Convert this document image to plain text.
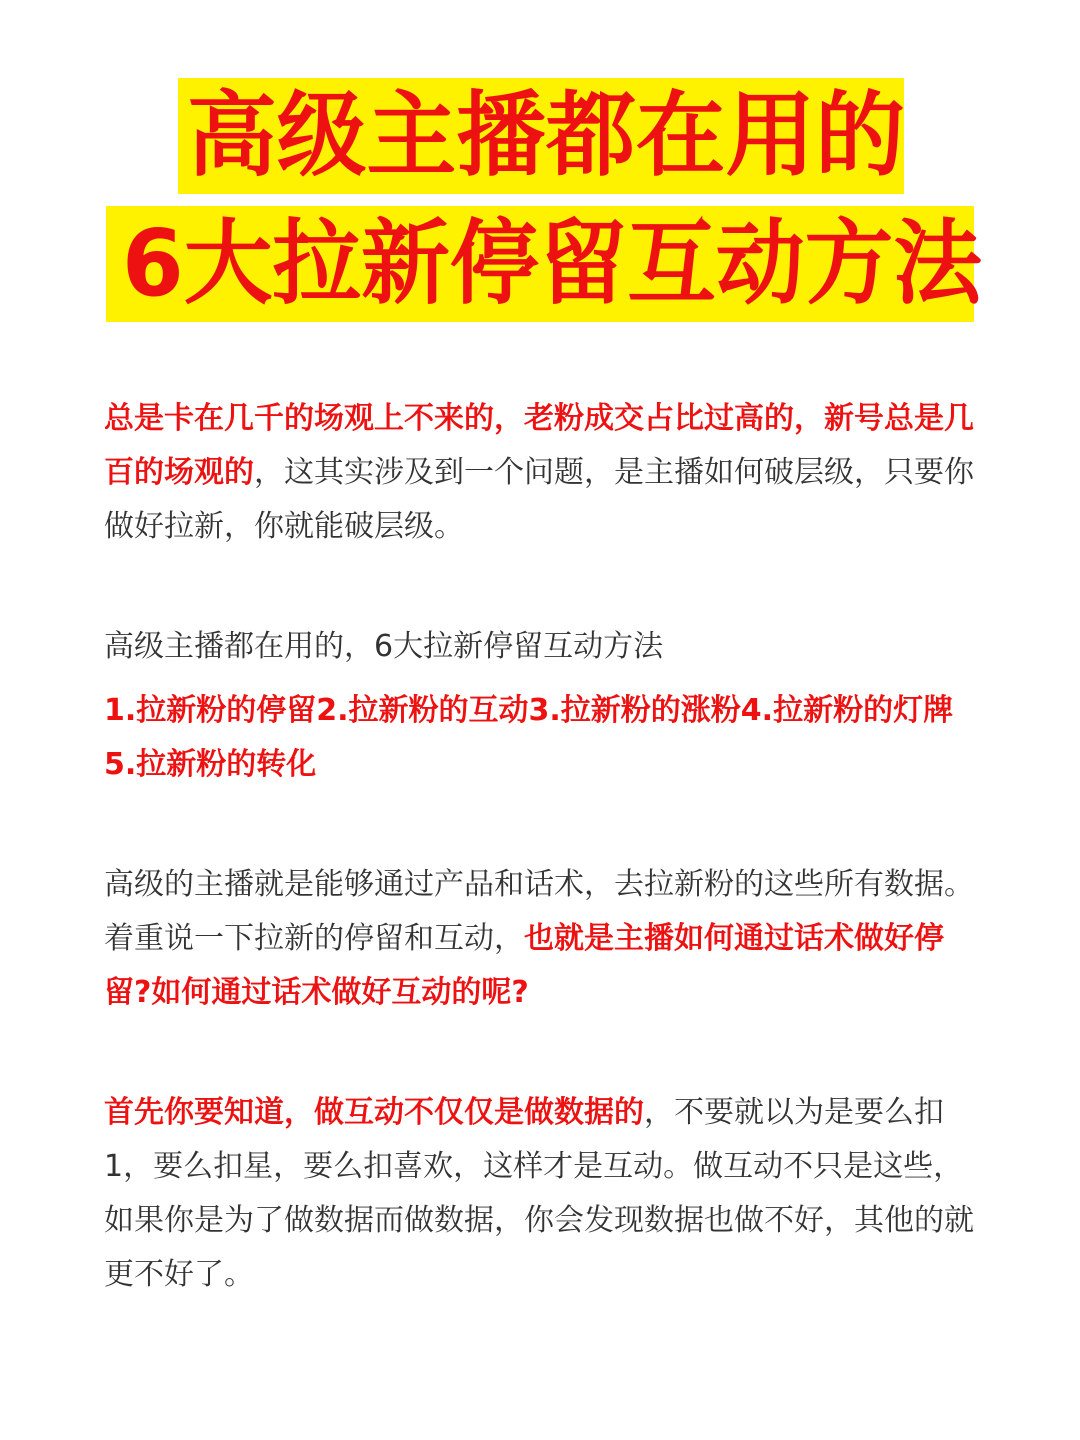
高级主播都在用的
6大拉新停留互动方法
总是卡在几千的场观上不来的，老粉成交占比过高的，新号总是几百的场观的，这其实涉及到一个问题，是主播如何破层级，只要你做好拉新，你就能破层级。
高级主播都在用的，6大拉新停留互动方法
1.拉新粉的停留2.拉新粉的互动3.拉新粉的涨粉4.拉新粉的灯牌5.拉新粉的转化
高级的主播就是能够通过产品和话术，去拉新粉的这些所有数据。着重说一下拉新的停留和互动，也就是主播如何通过话术做好停留?如何通过话术做好互动的呢?
首先你要知道，做互动不仅仅是做数据的，不要就以为是要么扣1，要么扣星，要么扣喜欢，这样才是互动。做互动不只是这些，如果你是为了做数据而做数据，你会发现数据也做不好，其他的就更不好了。
